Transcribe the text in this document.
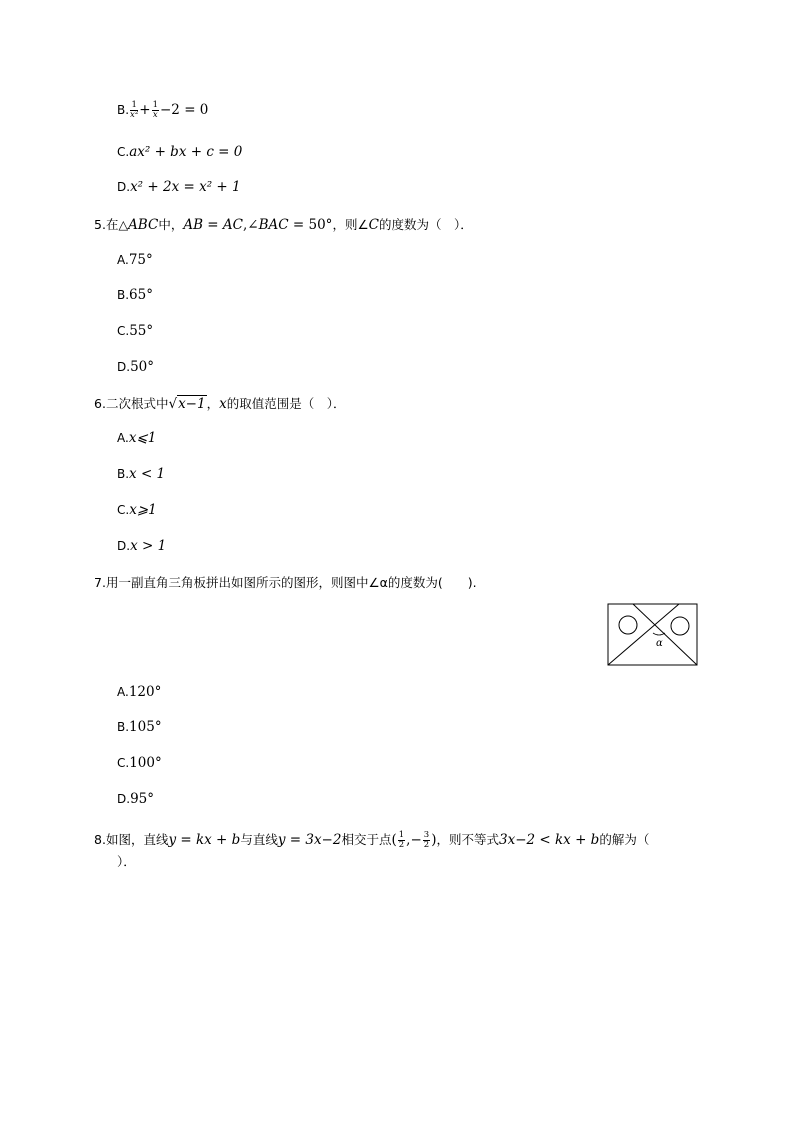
B. $\frac{1}{\text{x²}} + \frac{1}{x} -2 = 0$
C.ax² + bx + c = 0
D.x² + 2x = x² + 1
5.在△ABC中，AB = AC,∠BAC = 50°，则∠C的度数为（　）．
A.75°
B.65°
C.55°
D.50°
6.二次根式中√x−1，x的取值范围是（　）．
A.x⩽1
B.x < 1
C.x⩾1
D.x > 1
7.用一副直角三角板拼出如图所示的图形，则图中∠α的度数为(　　).
α
A.120°
B.105°
C.100°
D.95°
8.如图，直线y = kx + b与直线y = 3x−2相交于点( $\frac{1}{2}$ ,− $\frac{3}{2}$ )，则不等式3x−2 < kx + b的解为（
）．
